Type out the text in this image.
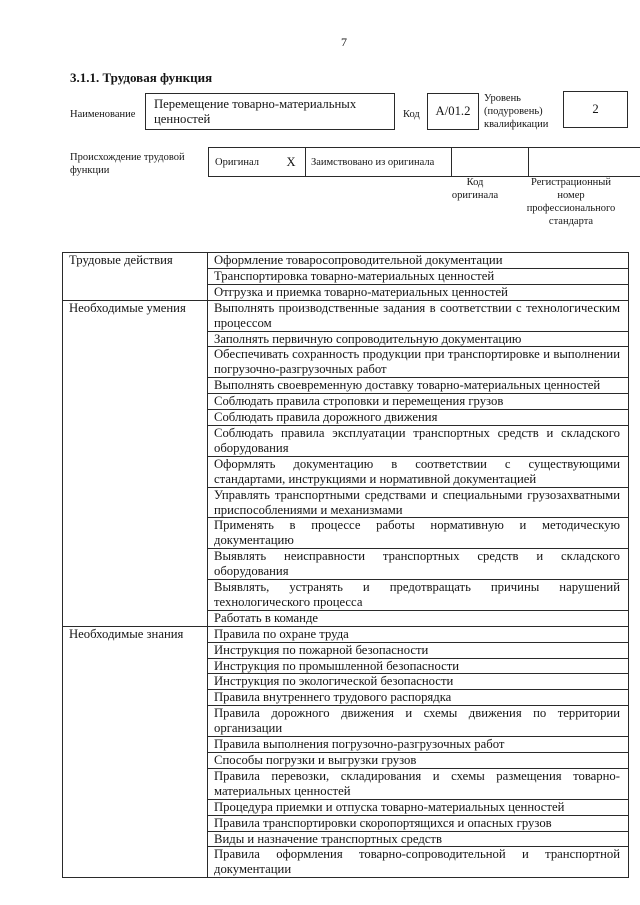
7
3.1.1. Трудовая функция
Наименование
Перемещение товарно-материальных ценностей	Код А/01.2
Уровень (подуровень) квалификации
2
Происхождение трудовой функции
Оригинал	X	Заимствовано из оригинала		
Код оригинала
Регистрационный номер профессионального стандарта
Трудовые действия	Оформление товаросопроводительной документации
	Транспортировка товарно-материальных ценностей
	Отгрузка и приемка товарно-материальных ценностей
Необходимые умения	Выполнять производственные задания в соответствии с технологическим процессом
	Заполнять первичную сопроводительную документацию
	Обеспечивать сохранность продукции при транспортировке и выполнении погрузочно-разгрузочных работ
	Выполнять своевременную доставку товарно-материальных ценностей
	Соблюдать правила строповки и перемещения грузов
	Соблюдать правила дорожного движения
	Соблюдать правила эксплуатации транспортных средств и складского оборудования
	Оформлять документацию в соответствии с существующими стандартами, инструкциями и нормативной документацией
	Управлять транспортными средствами и специальными грузозахватными приспособлениями и механизмами
	Применять в процессе работы нормативную и методическую документацию
	Выявлять неисправности транспортных средств и складского оборудования
	Выявлять, устранять и предотвращать причины нарушений технологического процесса
	Работать в команде
Необходимые знания	Правила по охране труда
	Инструкция по пожарной безопасности
	Инструкция по промышленной безопасности
	Инструкция по экологической безопасности
	Правила внутреннего трудового распорядка
	Правила дорожного движения и схемы движения по территории организации
	Правила выполнения погрузочно-разгрузочных работ
	Способы погрузки и выгрузки грузов
	Правила перевозки, складирования и схемы размещения товарно-материальных ценностей
	Процедура приемки и отпуска товарно-материальных ценностей
	Правила транспортировки скоропортящихся и опасных грузов
	Виды и назначение транспортных средств
	Правила оформления товарно-сопроводительной и транспортной документации
